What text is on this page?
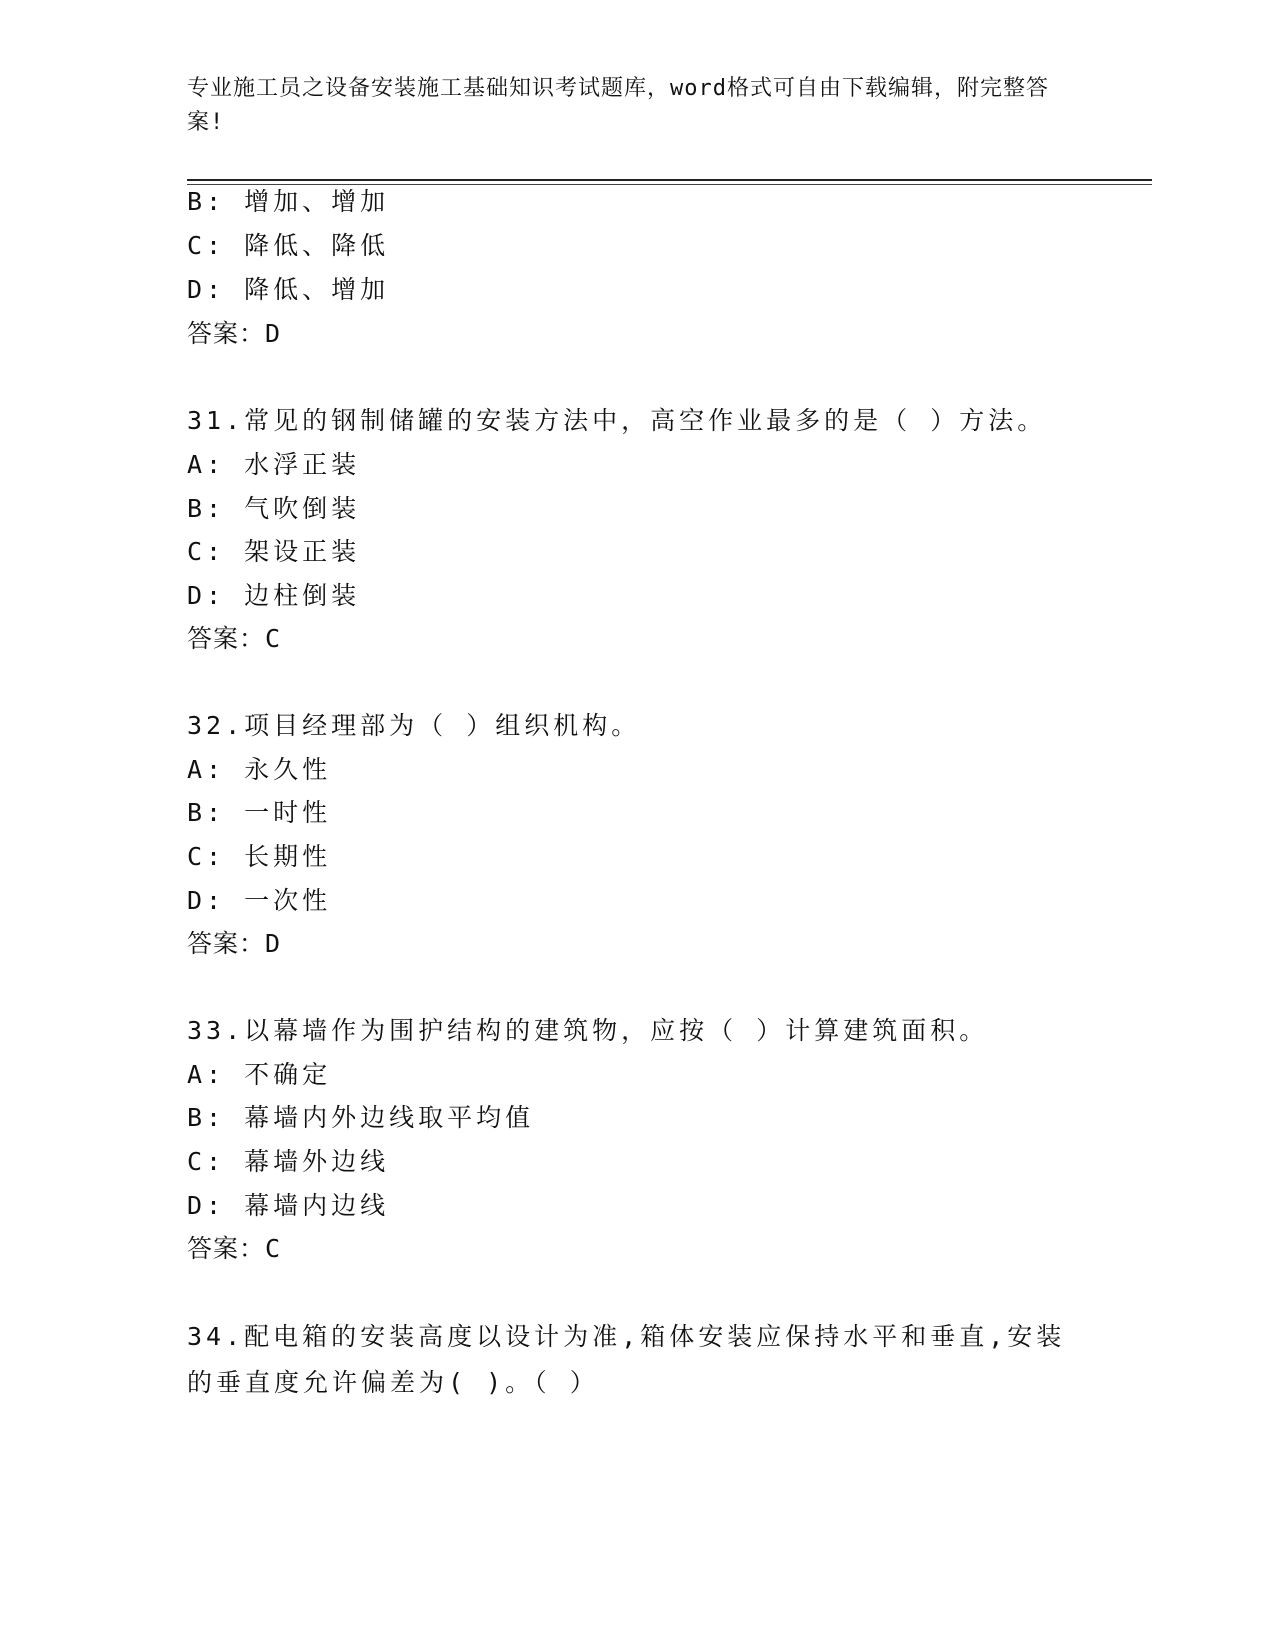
专业施工员之设备安装施工基础知识考试题库，word格式可自由下载编辑，附完整答案!
B: 增加、增加
C: 降低、降低
D: 降低、增加
答案：D
31.常见的钢制储罐的安装方法中，高空作业最多的是（ ）方法。
A: 水浮正装
B: 气吹倒装
C: 架设正装
D: 边柱倒装
答案：C
32.项目经理部为（ ）组织机构。
A: 永久性
B: 一时性
C: 长期性
D: 一次性
答案：D
33.以幕墙作为围护结构的建筑物，应按（ ）计算建筑面积。
A: 不确定
B: 幕墙内外边线取平均值
C: 幕墙外边线
D: 幕墙内边线
答案：C
34.配电箱的安装高度以设计为准,箱体安装应保持水平和垂直,安装的垂直度允许偏差为( )。（ ）
